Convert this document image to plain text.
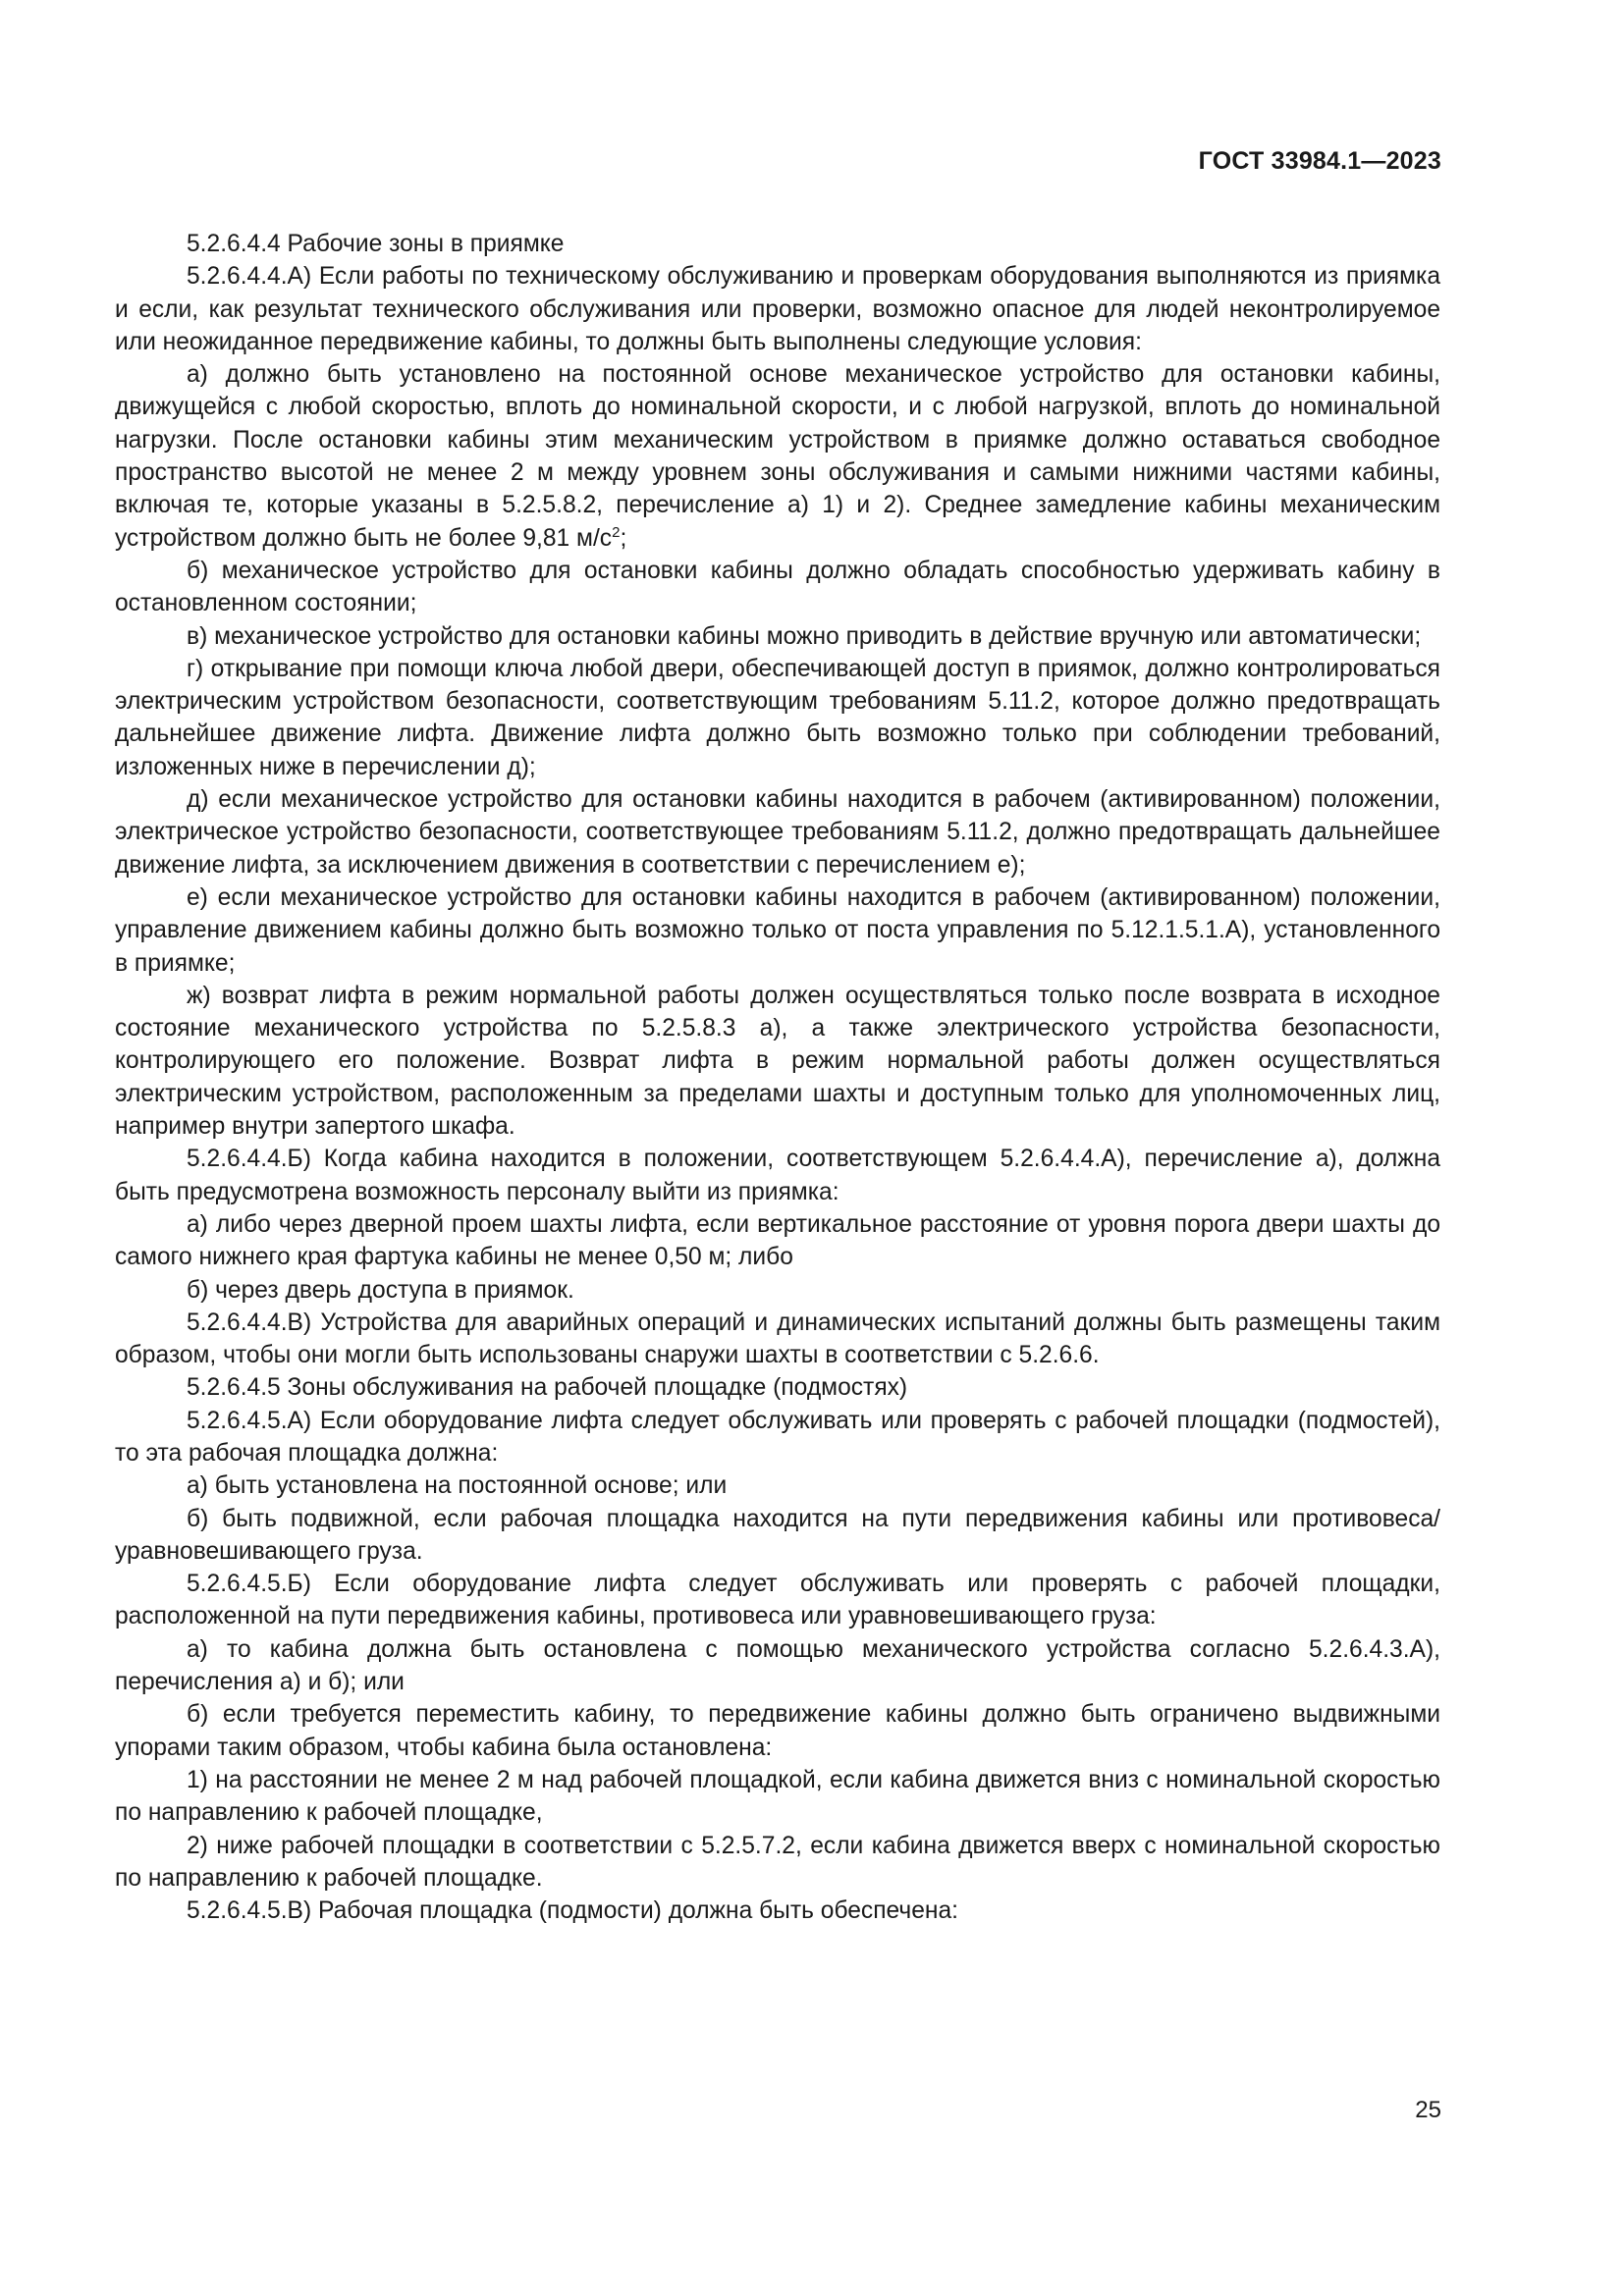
ГОСТ 33984.1—2023

5.2.6.4.4 Рабочие зоны в приямке

5.2.6.4.4.А) Если работы по техническому обслуживанию и проверкам оборудования выполняются из приямка и если, как результат технического обслуживания или проверки, возможно опасное для людей неконтролируемое или неожиданное передвижение кабины, то должны быть выполнены следующие условия:

а) должно быть установлено на постоянной основе механическое устройство для остановки кабины, движущейся с любой скоростью, вплоть до номинальной скорости, и с любой нагрузкой, вплоть до номинальной нагрузки. После остановки кабины этим механическим устройством в приямке должно оставаться свободное пространство высотой не менее 2 м между уровнем зоны обслуживания и самыми нижними частями кабины, включая те, которые указаны в 5.2.5.8.2, перечисление а) 1) и 2). Среднее замедление кабины механическим устройством должно быть не более 9,81 $м/с^2$;

б) механическое устройство для остановки кабины должно обладать способностью удерживать кабину в остановленном состоянии;

в) механическое устройство для остановки кабины можно приводить в действие вручную или автоматически;

г) открывание при помощи ключа любой двери, обеспечивающей доступ в приямок, должно контролироваться электрическим устройством безопасности, соответствующим требованиям 5.11.2, которое должно предотвращать дальнейшее движение лифта. Движение лифта должно быть возможно только при соблюдении требований, изложенных ниже в перечислении д);

д) если механическое устройство для остановки кабины находится в рабочем (активированном) положении, электрическое устройство безопасности, соответствующее требованиям 5.11.2, должно предотвращать дальнейшее движение лифта, за исключением движения в соответствии с перечислением е);

е) если механическое устройство для остановки кабины находится в рабочем (активированном) положении, управление движением кабины должно быть возможно только от поста управления по 5.12.1.5.1.А), установленного в приямке;

ж) возврат лифта в режим нормальной работы должен осуществляться только после возврата в исходное состояние механического устройства по 5.2.5.8.3 а), а также электрического устройства безопасности, контролирующего его положение. Возврат лифта в режим нормальной работы должен осуществляться электрическим устройством, расположенным за пределами шахты и доступным только для уполномоченных лиц, например внутри запертого шкафа.

5.2.6.4.4.Б) Когда кабина находится в положении, соответствующем 5.2.6.4.4.А), перечисление а), должна быть предусмотрена возможность персоналу выйти из приямка:

а) либо через дверной проем шахты лифта, если вертикальное расстояние от уровня порога двери шахты до самого нижнего края фартука кабины не менее 0,50 м; либо

б) через дверь доступа в приямок.

5.2.6.4.4.В) Устройства для аварийных операций и динамических испытаний должны быть размещены таким образом, чтобы они могли быть использованы снаружи шахты в соответствии с 5.2.6.6.

5.2.6.4.5 Зоны обслуживания на рабочей площадке (подмостях)

5.2.6.4.5.А) Если оборудование лифта следует обслуживать или проверять с рабочей площадки (подмостей), то эта рабочая площадка должна:

а) быть установлена на постоянной основе; или

б) быть подвижной, если рабочая площадка находится на пути передвижения кабины или противовеса/уравновешивающего груза.

5.2.6.4.5.Б) Если оборудование лифта следует обслуживать или проверять с рабочей площадки, расположенной на пути передвижения кабины, противовеса или уравновешивающего груза:

а) то кабина должна быть остановлена с помощью механического устройства согласно 5.2.6.4.3.А), перечисления а) и б); или

б) если требуется переместить кабину, то передвижение кабины должно быть ограничено выдвижными упорами таким образом, чтобы кабина была остановлена:

1) на расстоянии не менее 2 м над рабочей площадкой, если кабина движется вниз с номинальной скоростью по направлению к рабочей площадке,

2) ниже рабочей площадки в соответствии с 5.2.5.7.2, если кабина движется вверх с номинальной скоростью по направлению к рабочей площадке.

5.2.6.4.5.В) Рабочая площадка (подмости) должна быть обеспечена:

25
